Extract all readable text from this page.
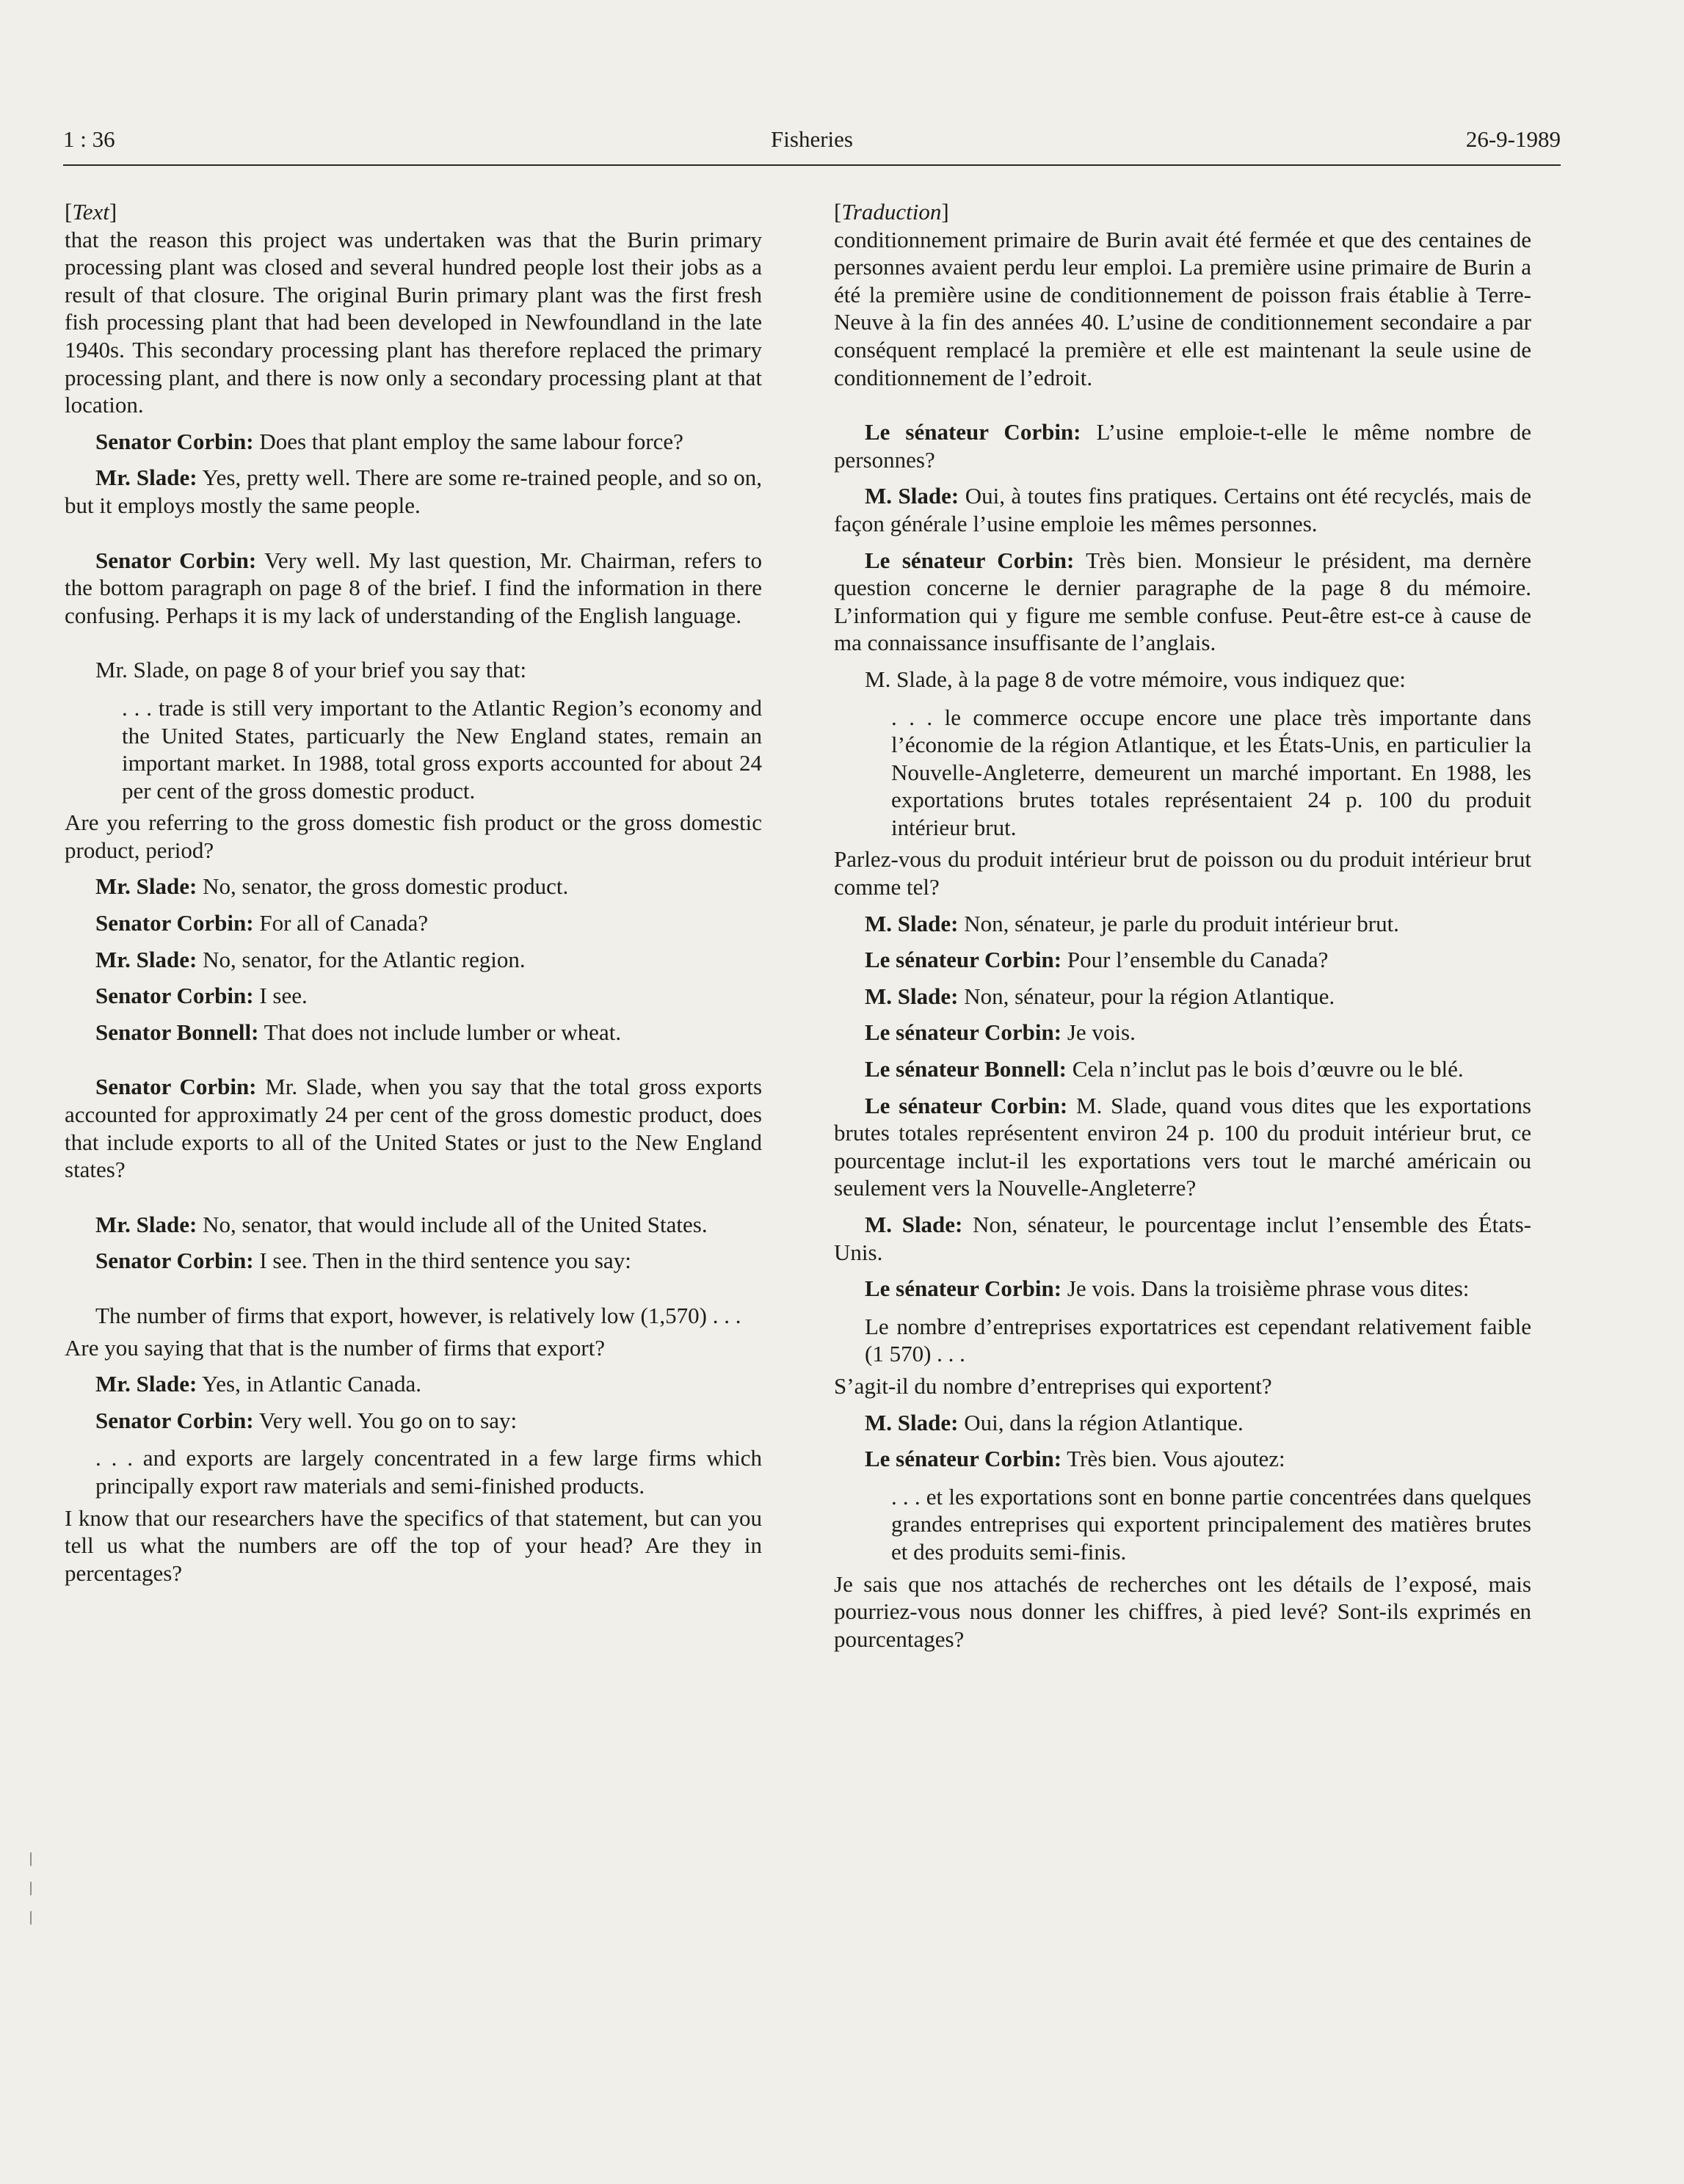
1 : 36	Fisheries	26-9-1989

[Text]

that the reason this project was undertaken was that the Burin primary processing plant was closed and several hundred people lost their jobs as a result of that closure. The original Burin primary plant was the first fresh fish processing plant that had been developed in Newfoundland in the late 1940s. This secondary processing plant has therefore replaced the primary processing plant, and there is now only a secondary processing plant at that location.

Senator Corbin: Does that plant employ the same labour force?

Mr. Slade: Yes, pretty well. There are some re-trained people, and so on, but it employs mostly the same people.

Senator Corbin: Very well. My last question, Mr. Chairman, refers to the bottom paragraph on page 8 of the brief. I find the information in there confusing. Perhaps it is my lack of understanding of the English language.

Mr. Slade, on page 8 of your brief you say that:

. . . trade is still very important to the Atlantic Region’s economy and the United States, particuarly the New England states, remain an important market. In 1988, total gross exports accounted for about 24 per cent of the gross domestic product.

Are you referring to the gross domestic fish product or the gross domestic product, period?

Mr. Slade: No, senator, the gross domestic product.

Senator Corbin: For all of Canada?

Mr. Slade: No, senator, for the Atlantic region.

Senator Corbin: I see.

Senator Bonnell: That does not include lumber or wheat.

Senator Corbin: Mr. Slade, when you say that the total gross exports accounted for approximatly 24 per cent of the gross domestic product, does that include exports to all of the United States or just to the New England states?

Mr. Slade: No, senator, that would include all of the United States.

Senator Corbin: I see. Then in the third sentence you say:

The number of firms that export, however, is relatively low (1,570) . . .

Are you saying that that is the number of firms that export?

Mr. Slade: Yes, in Atlantic Canada.

Senator Corbin: Very well. You go on to say:

. . . and exports are largely concentrated in a few large firms which principally export raw materials and semi-finished products.

I know that our researchers have the specifics of that statement, but can you tell us what the numbers are off the top of your head? Are they in percentages?

[Traduction]

conditionnement primaire de Burin avait été fermée et que des centaines de personnes avaient perdu leur emploi. La première usine primaire de Burin a été la première usine de conditionnement de poisson frais établie à Terre-Neuve à la fin des années 40. L’usine de conditionnement secondaire a par conséquent remplacé la première et elle est maintenant la seule usine de conditionnement de l’edroit.

Le sénateur Corbin: L’usine emploie-t-elle le même nombre de personnes?

M. Slade: Oui, à toutes fins pratiques. Certains ont été recyclés, mais de façon générale l’usine emploie les mêmes personnes.

Le sénateur Corbin: Très bien. Monsieur le président, ma dernère question concerne le dernier paragraphe de la page 8 du mémoire. L’information qui y figure me semble confuse. Peut-être est-ce à cause de ma connaissance insuffisante de l’anglais.

M. Slade, à la page 8 de votre mémoire, vous indiquez que:

. . . le commerce occupe encore une place très importante dans l’économie de la région Atlantique, et les États-Unis, en particulier la Nouvelle-Angleterre, demeurent un marché important. En 1988, les exportations brutes totales représentaient 24 p. 100 du produit intérieur brut.

Parlez-vous du produit intérieur brut de poisson ou du produit intérieur brut comme tel?

M. Slade: Non, sénateur, je parle du produit intérieur brut.

Le sénateur Corbin: Pour l’ensemble du Canada?

M. Slade: Non, sénateur, pour la région Atlantique.

Le sénateur Corbin: Je vois.

Le sénateur Bonnell: Cela n’inclut pas le bois d’œuvre ou le blé.

Le sénateur Corbin: M. Slade, quand vous dites que les exportations brutes totales représentent environ 24 p. 100 du produit intérieur brut, ce pourcentage inclut-il les exportations vers tout le marché américain ou seulement vers la Nouvelle-Angleterre?

M. Slade: Non, sénateur, le pourcentage inclut l’ensemble des États-Unis.

Le sénateur Corbin: Je vois. Dans la troisième phrase vous dites:

Le nombre d’entreprises exportatrices est cependant relativement faible (1 570) . . .

S’agit-il du nombre d’entreprises qui exportent?

M. Slade: Oui, dans la région Atlantique.

Le sénateur Corbin: Très bien. Vous ajoutez:

. . . et les exportations sont en bonne partie concentrées dans quelques grandes entreprises qui exportent principalement des matières brutes et des produits semi-finis.

Je sais que nos attachés de recherches ont les détails de l’exposé, mais pourriez-vous nous donner les chiffres, à pied levé? Sont-ils exprimés en pourcentages?

|
|
|
